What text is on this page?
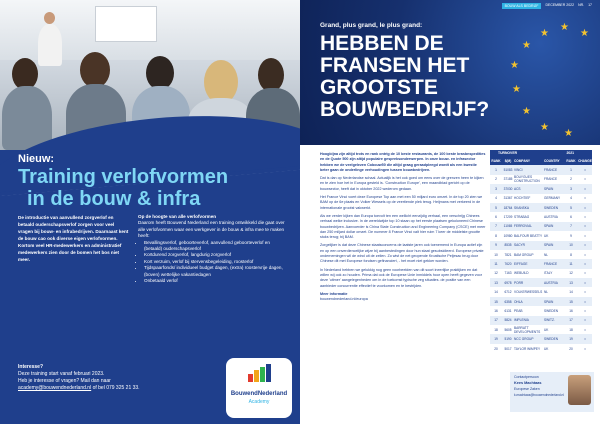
Nieuw:
Training verlofvormen
in de bouw & infra
De introductie van aanvullend zorgverlof en betaald ouderschapsverlof zorgen voor veel vragen bij bouw- en infrabedrijven. Daarnaast kent de bouw cao ook diverse eigen verlofvormen. Kortom veel HR-medewerkers en administratief medewerkers zien door de bomen het bos niet meer.
Op de hoogte van alle verlofvormen
Daarom heeft Bouwend Nederland een training ontwikkeld die gaat over alle verlofvormen waar een werkgever in de bouw & infra mee te maken heeft:
• Bevallingsverlof, geboorteverlof, aanvullend geboorteverlof en (betaald) ouderschapsverlof
• Kortdurend zorgverlof, langdurig zorgverlof
• Kort verzuim, verlof bij stervensbegeleiding, roosterlof
• Tijdspaarfonds/ individueel budget dagen, (extra) roostervrije dagen, (boven) wettelijke vakantiedagen
• Onbetaald verlof
Interesse?
Deze training start vanaf februari 2023.
Heb je interesse of vragen? Mail dan naar
academy@bouwendnederland.nl of bel 079 325 21 33.
BouwendNederland
Academy
★
★
★
★
★
★
★
★
★
BOUW ALS BEDRIJF	DECEMBER 2022 NR. 17
Grand, plus grand, le plus grand:
HEBBEN DE
FRANSEN HET
GROOTSTE
BOUWBEDRIJF?

Hoogbijna zijn altijd trots en rank ontrig de 10 beste restaurants, de 100 beste brasbnspedities en de Quote 500 zijn altijd populaire gespreksonderwerpen. In onze bouw- en infrasector hebben we de veelgelezen Cobouw50 die altijd graag geraadpleegd wordt als een kwestie beter gaan de onderlinge verhoudingen tussen bouwbedrijven.

Dat is dan op Nederlandse schaal. Actualijk is het ook goed om eens over de grenzen heen te kijken en te zien hoe het in Europa gesteld is. 'Construction Europe', een maandblad gericht op de bouwsector, heeft dat in oktober 2022 wederom gedaan.

Het France Vinci voert deze Europese Top aan met een 50 miljard euro omzet. In de top 20 zien we BAM op de 6e plaats en Volker Wessels op de veertiende plek terug. Heijmans met verkeerd in de internationale grootst vakwerkt.

Als we verder kijken dan Europa toevolt ten een wellicht eenzijdig verhaal, een verschrijg Chinees verhaal welke inclusive. In de wereldwijde top 10 staan op het eerste plaatsen gekoloneerd Chinese bouwbedrijven. Aanvoerder is China State Construction and Engineering Company (CSCE) met meer dan 250 miljard dollar omzet. De nummer 8 France Vinci valt hier ruim 7 keer de middelste grootte stuks terug; bij BAM.

Zorgelijker is dat deze Chinese staatsconcerns de laatste jaren ook toenemend in Europa actief zijn en op een onverdiencelijke wijze bij aanbestedingen door hun staat gesubsidieerd. Europese private ondernemingen wil de wind uit de zeilen. Zo wist de net geopende Kroatische Peljesac brug door Chinese dit met Europese fondsen gefinanciert, - het moet niet gekker worden.

In Nederland hebben we gelukkig nog geen voorbeelden van dit soort ineerlijke praktijken en dat willen wij ook zo houden. Prima dat ook de Europese Unie inmiddels hoor open heeft gegeven voor deze 'uitmer' aangelegenheden om in de toekomst typische zeg situaties. de positie van een aanbieder concurrentie effectief te voorkomen en te bestrijden.

Meer informatie

bouwendnederland.nl/europa

TURNOVER	2021
RANK	$(M) COMPANY	COUNTRY	RANK CHANGE
1	51083 VINCI	FRANCE	1	=
2	37185 BOUYGUES CONSTRUCTION	FRANCE	2	=
3	37030 ACS	SPAIN	3	=
4	31367 HOCHTIEF	GERMANY	4	=
5	18764 SKANSKA	SWEDEN	5	=
6	17209 STRABAG	AUSTRIA	6	=
7	11065 FERROVIAL	SPAIN	7	=
8	10980 BALFOUR BEATTY UK	9	=
9	8535 SACYR	SPAIN	10	=
10	7821 BAM GROUP	NL	8	=
11	7620 EIFFAGE	FRANCE	11	=
12	7163 WEBUILD	ITALY	12	=
13	6978 PORR	AUSTRIA	13	=
14	6712 VOLKERWESSELS NL	14	=
15	6358 OHLA	SPAIN	15	=
16	6131 PEAB	SWEDEN	16	=
17	5824 IMPLENIA	SWITZ.	17	=
18	5605 BARRATT DEVELOPMENTS	UK	18	=
19	5190 NCC GROUP	SWEDEN	19	=
20	5017 TAYLOR WIMPEY	UK	20	=
Contactpersoon
Kees Machtaas
Europese Zaken
k.machtaas@bouwendnederland.nl
